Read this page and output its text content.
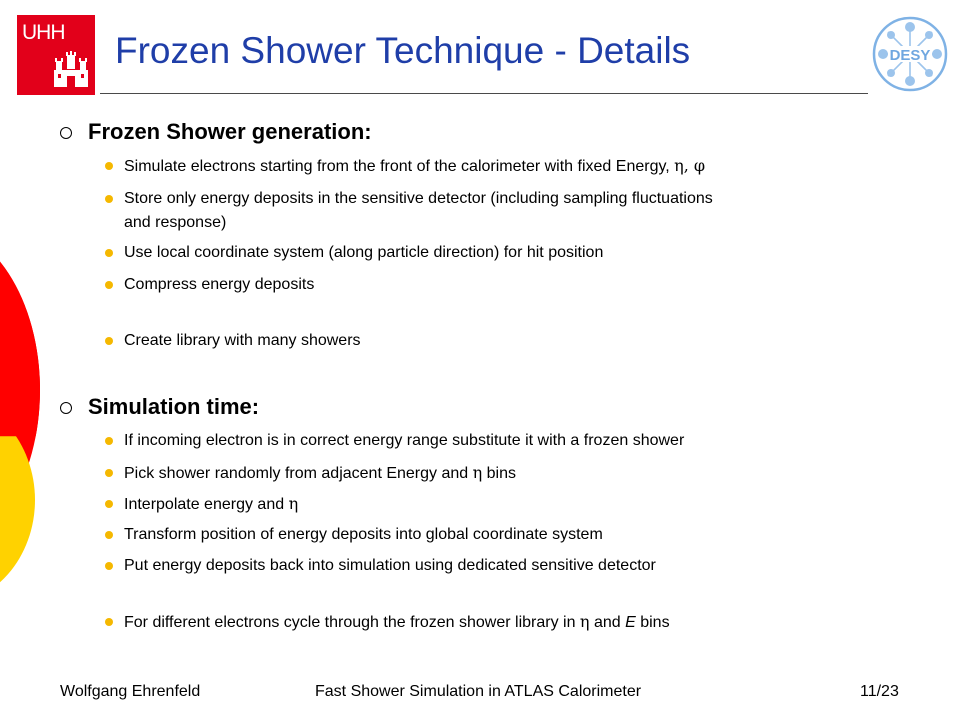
UHH Frozen Shower Technique - Details	DESY
Frozen Shower generation:
Simulate electrons starting from the front of the calorimeter with fixed Energy, η, φ
Store only energy deposits in the sensitive detector (including sampling fluctuations
and response)
Use local coordinate system (along particle direction) for hit position
Compress energy deposits
Create library with many showers
Simulation time:
If incoming electron is in correct energy range substitute it with a frozen shower
Pick shower randomly from adjacent Energy and η bins
Interpolate energy and η
Transform position of energy deposits into global coordinate system
Put energy deposits back into simulation using dedicated sensitive detector
For different electrons cycle through the frozen shower library in η and E bins
Wolfgang Ehrenfeld	Fast Shower Simulation in ATLAS Calorimeter	11/23
